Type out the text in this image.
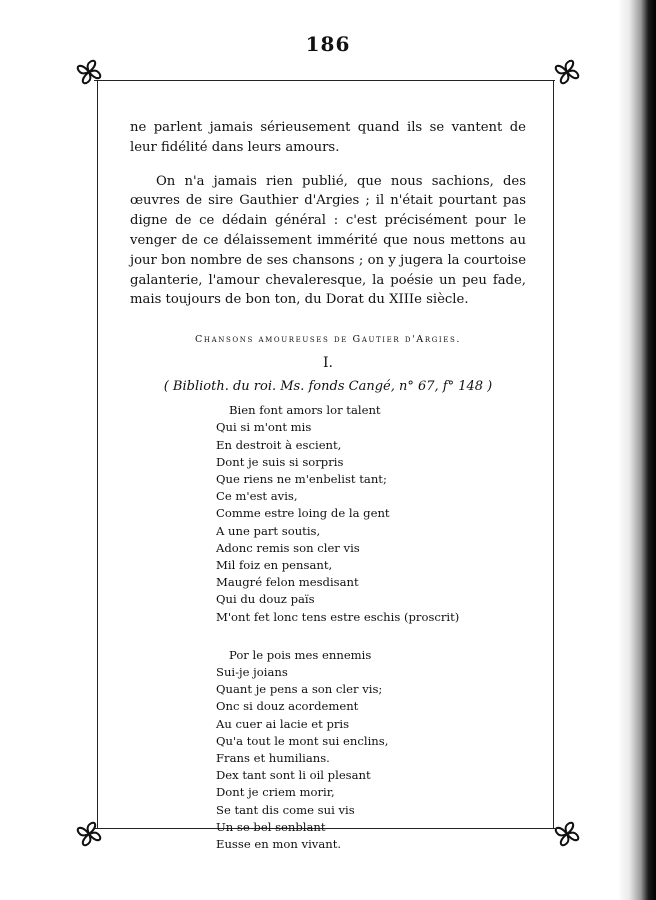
186

ne parlent jamais sérieusement quand ils se vantent de leur fidélité dans leurs amours.

On n'a jamais rien publié, que nous sachions, des œuvres de sire Gauthier d'Argies ; il n'était pourtant pas digne de ce dédain général : c'est précisément pour le venger de ce délaissement immérité que nous mettons au jour bon nombre de ses chansons ; on y jugera la courtoise galanterie, l'amour chevaleresque, la poésie un peu fade, mais toujours de bon ton, du Dorat du XIIIe siècle.

Chansons amoureuses de Gautier d'Argies.
I.
( Biblioth. du roi. Ms. fonds Cangé, n° 67, f° 148 )
Bien font amors lor talent
Qui si m'ont mis
En destroit à escient,
Dont je suis si sorpris
Que riens ne m'enbelist tant;
Ce m'est avis,
Comme estre loing de la gent
A une part soutis,
Adonc remis son cler vis
Mil foiz en pensant,
Maugré felon mesdisant
Qui du douz païs
M'ont fet lonc tens estre eschis (proscrit)
Por le pois mes ennemis
Sui-je joians
Quant je pens a son cler vis;
Onc si douz acordement
Au cuer ai lacie et pris
Qu'a tout le mont sui enclins,
Frans et humilians.
Dex tant sont li oil plesant
Dont je criem morir,
Se tant dis come sui vis
Un se bel senblant
Eusse en mon vivant.
